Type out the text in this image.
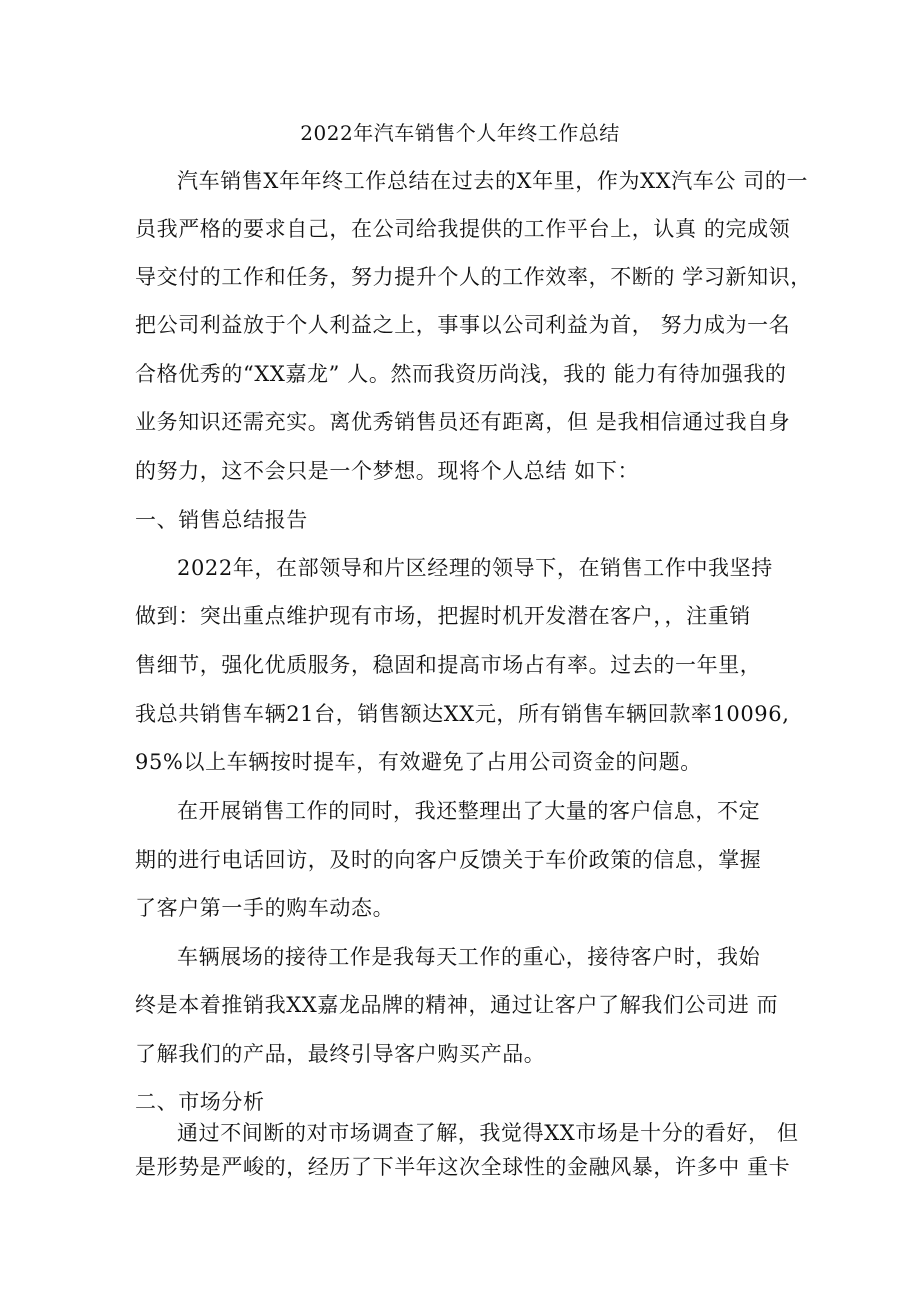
2022年汽车销售个人年终工作总结
汽车销售X年年终工作总结在过去的X年里，作为XX汽车公 司的一
员我严格的要求自己，在公司给我提供的工作平台上，认真 的完成领
导交付的工作和任务，努力提升个人的工作效率，不断的 学习新知识，
把公司利益放于个人利益之上，事事以公司利益为首， 努力成为一名
合格优秀的“XX嘉龙” 人。然而我资历尚浅，我的 能力有待加强我的
业务知识还需充实。离优秀销售员还有距离，但 是我相信通过我自身
的努力，这不会只是一个梦想。现将个人总结 如下：
一、销售总结报告
2022年，在部领导和片区经理的领导下，在销售工作中我坚持
做到：突出重点维护现有市场，把握时机开发潜在客户，，注重销
售细节，强化优质服务，稳固和提高市场占有率。过去的一年里，
我总共销售车辆21台，销售额达XX元，所有销售车辆回款率10096,
95%以上车辆按时提车，有效避免了占用公司资金的问题。
在开展销售工作的同时，我还整理出了大量的客户信息，不定
期的进行电话回访，及时的向客户反馈关于车价政策的信息，掌握
了客户第一手的购车动态。
车辆展场的接待工作是我每天工作的重心，接待客户时，我始
终是本着推销我XX嘉龙品牌的精神，通过让客户了解我们公司进 而
了解我们的产品，最终引导客户购买产品。
二、市场分析
通过不间断的对市场调查了解，我觉得XX市场是十分的看好， 但
是形势是严峻的，经历了下半年这次全球性的金融风暴，许多中 重卡
